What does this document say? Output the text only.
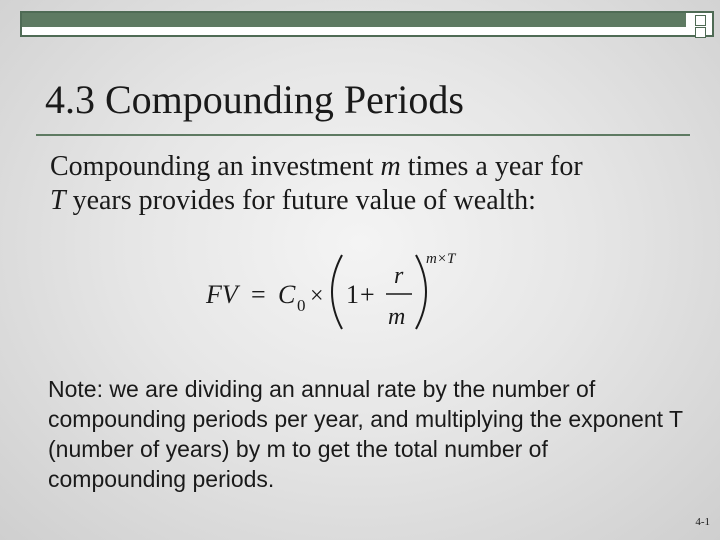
4.3 Compounding Periods

Compounding an investment m times a year for
T years provides for future value of wealth:

FV = C 0 × 1 +
r
m
m×T

Note: we are dividing an annual rate by the number of compounding periods per year, and multiplying the exponent T (number of years) by m to get the total number of compounding periods.

4-1
